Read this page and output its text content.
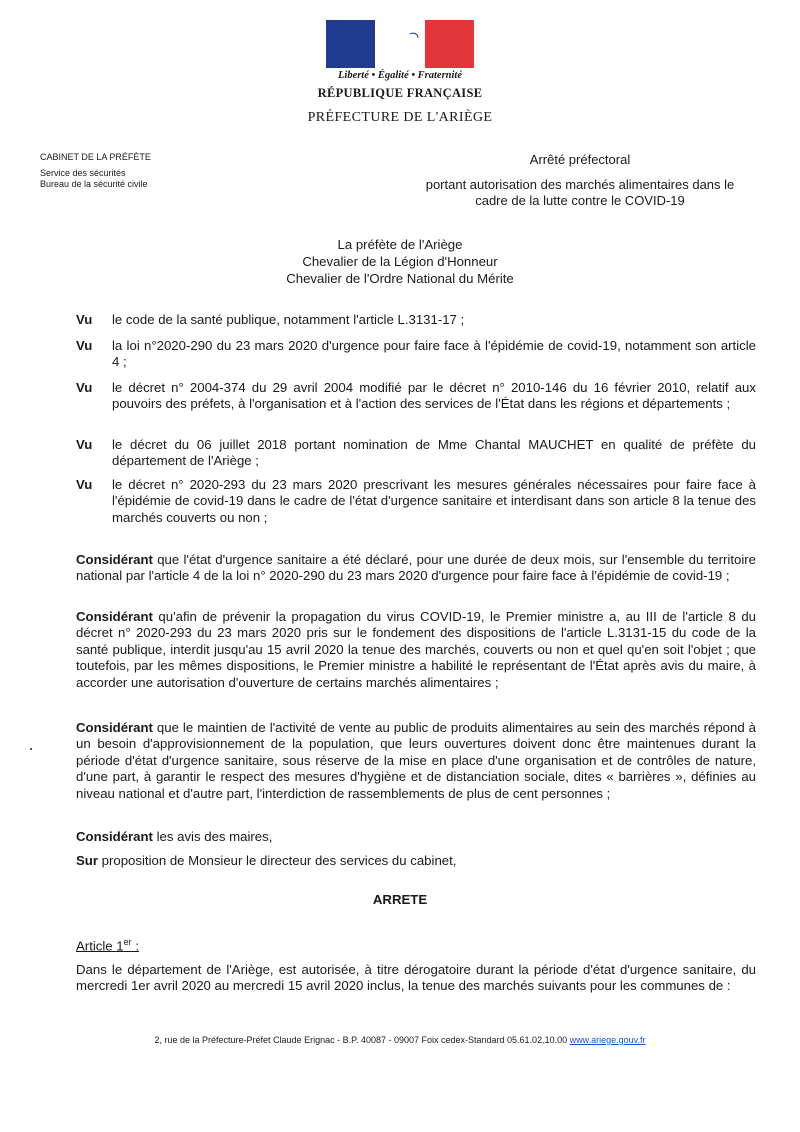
Liberté • Égalité • Fraternité
RÉPUBLIQUE FRANÇAISE
PRÉFECTURE DE L'ARIÈGE
CABINET DE LA PRÉFÈTE
Service des sécurités
Bureau de la sécurité civile
Arrêté préfectoral
portant autorisation des marchés alimentaires dans le
cadre de la lutte contre le COVID-19
La préfète de l'Ariège
Chevalier de la Légion d'Honneur
Chevalier de l'Ordre National du Mérite
Vu	le code de la santé publique, notamment l'article L.3131-17 ;
Vu	la loi n°2020-290 du 23 mars 2020 d'urgence pour faire face à l'épidémie de covid-19, notamment son article 4 ;
Vu	le décret n° 2004-374 du 29 avril 2004 modifié par le décret n° 2010-146 du 16 février 2010, relatif aux pouvoirs des préfets, à l'organisation et à l'action des services de l'État dans les régions et départements ;
Vu	le décret du 06 juillet 2018 portant nomination de Mme Chantal MAUCHET en qualité de préfète du département de l'Ariège ;
Vu	le décret n° 2020-293 du 23 mars 2020 prescrivant les mesures générales nécessaires pour faire face à l'épidémie de covid-19 dans le cadre de l'état d'urgence sanitaire et interdisant dans son article 8 la tenue des marchés couverts ou non ;
Considérant que l'état d'urgence sanitaire a été déclaré, pour une durée de deux mois, sur l'ensemble du territoire national par l'article 4 de la loi n° 2020-290 du 23 mars 2020 d'urgence pour faire face à l'épidémie de covid-19 ;
Considérant qu'afin de prévenir la propagation du virus COVID-19, le Premier ministre a, au III de l'article 8 du décret n° 2020-293 du 23 mars 2020 pris sur le fondement des dispositions de l'article L.3131-15 du code de la santé publique, interdit jusqu'au 15 avril 2020 la tenue des marchés, couverts ou non et quel qu'en soit l'objet ; que toutefois, par les mêmes dispositions, le Premier ministre a habilité le représentant de l'État après avis du maire, à accorder une autorisation d'ouverture de certains marchés alimentaires ;
Considérant que le maintien de l'activité de vente au public de produits alimentaires au sein des marchés répond à un besoin d'approvisionnement de la population, que leurs ouvertures doivent donc être maintenues durant la période d'état d'urgence sanitaire, sous réserve de la mise en place d'une organisation et de contrôles de nature, d'une part, à garantir le respect des mesures d'hygiène et de distanciation sociale, dites « barrières », définies au niveau national et d'autre part, l'interdiction de rassemblements de plus de cent personnes ;
Considérant les avis des maires,
Sur proposition de Monsieur le directeur des services du cabinet,
ARRETE
Article 1er :
Dans le département de l'Ariège, est autorisée, à titre dérogatoire durant la période d'état d'urgence sanitaire, du mercredi 1er avril 2020 au mercredi 15 avril 2020 inclus, la tenue des marchés suivants pour les communes de :
2, rue de la Préfecture-Préfet Claude Erignac - B.P. 40087 - 09007 Foix cedex-Standard 05.61.02.10.00 www.ariege.gouv.fr
